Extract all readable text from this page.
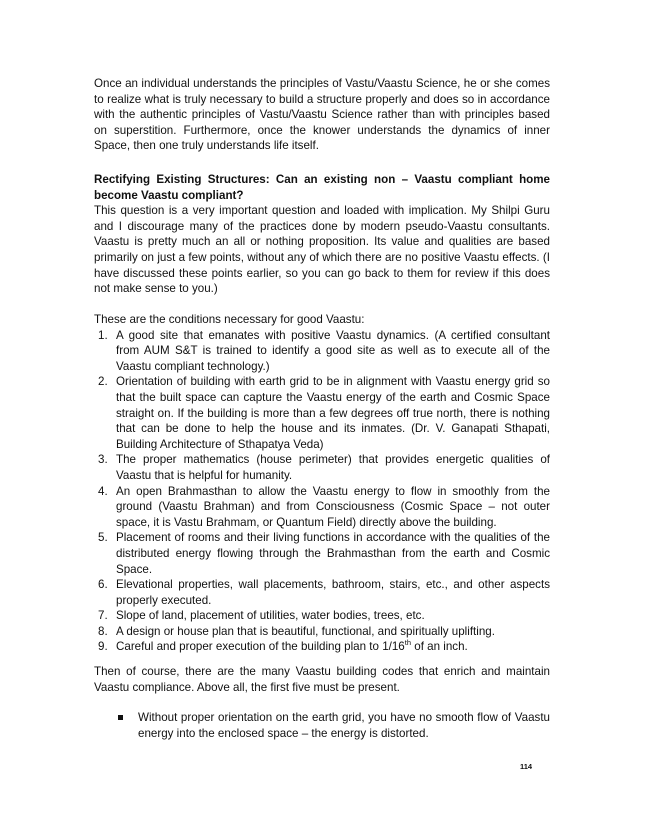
Once an individual understands the principles of Vastu/Vaastu Science, he or she comes to realize what is truly necessary to build a structure properly and does so in accordance with the authentic principles of Vastu/Vaastu Science rather than with principles based on superstition. Furthermore, once the knower understands the dynamics of inner Space, then one truly understands life itself.

Rectifying Existing Structures: Can an existing non – Vaastu compliant home become Vaastu compliant?

This question is a very important question and loaded with implication. My Shilpi Guru and I discourage many of the practices done by modern pseudo-Vaastu consultants. Vaastu is pretty much an all or nothing proposition. Its value and qualities are based primarily on just a few points, without any of which there are no positive Vaastu effects. (I have discussed these points earlier, so you can go back to them for review if this does not make sense to you.)

These are the conditions necessary for good Vaastu:

1. A good site that emanates with positive Vaastu dynamics. (A certified consultant from AUM S&T is trained to identify a good site as well as to execute all of the Vaastu compliant technology.)
2. Orientation of building with earth grid to be in alignment with Vaastu energy grid so that the built space can capture the Vaastu energy of the earth and Cosmic Space straight on. If the building is more than a few degrees off true north, there is nothing that can be done to help the house and its inmates. (Dr. V. Ganapati Sthapati, Building Architecture of Sthapatya Veda)
3. The proper mathematics (house perimeter) that provides energetic qualities of Vaastu that is helpful for humanity.
4. An open Brahmasthan to allow the Vaastu energy to flow in smoothly from the ground (Vaastu Brahman) and from Consciousness (Cosmic Space – not outer space, it is Vastu Brahmam, or Quantum Field) directly above the building.
5. Placement of rooms and their living functions in accordance with the qualities of the distributed energy flowing through the Brahmasthan from the earth and Cosmic Space.
6. Elevational properties, wall placements, bathroom, stairs, etc., and other aspects properly executed.
7. Slope of land, placement of utilities, water bodies, trees, etc.
8. A design or house plan that is beautiful, functional, and spiritually uplifting.
9. Careful and proper execution of the building plan to 1/16th of an inch.

Then of course, there are the many Vaastu building codes that enrich and maintain Vaastu compliance. Above all, the first five must be present.

Without proper orientation on the earth grid, you have no smooth flow of Vaastu energy into the enclosed space – the energy is distorted.
114
